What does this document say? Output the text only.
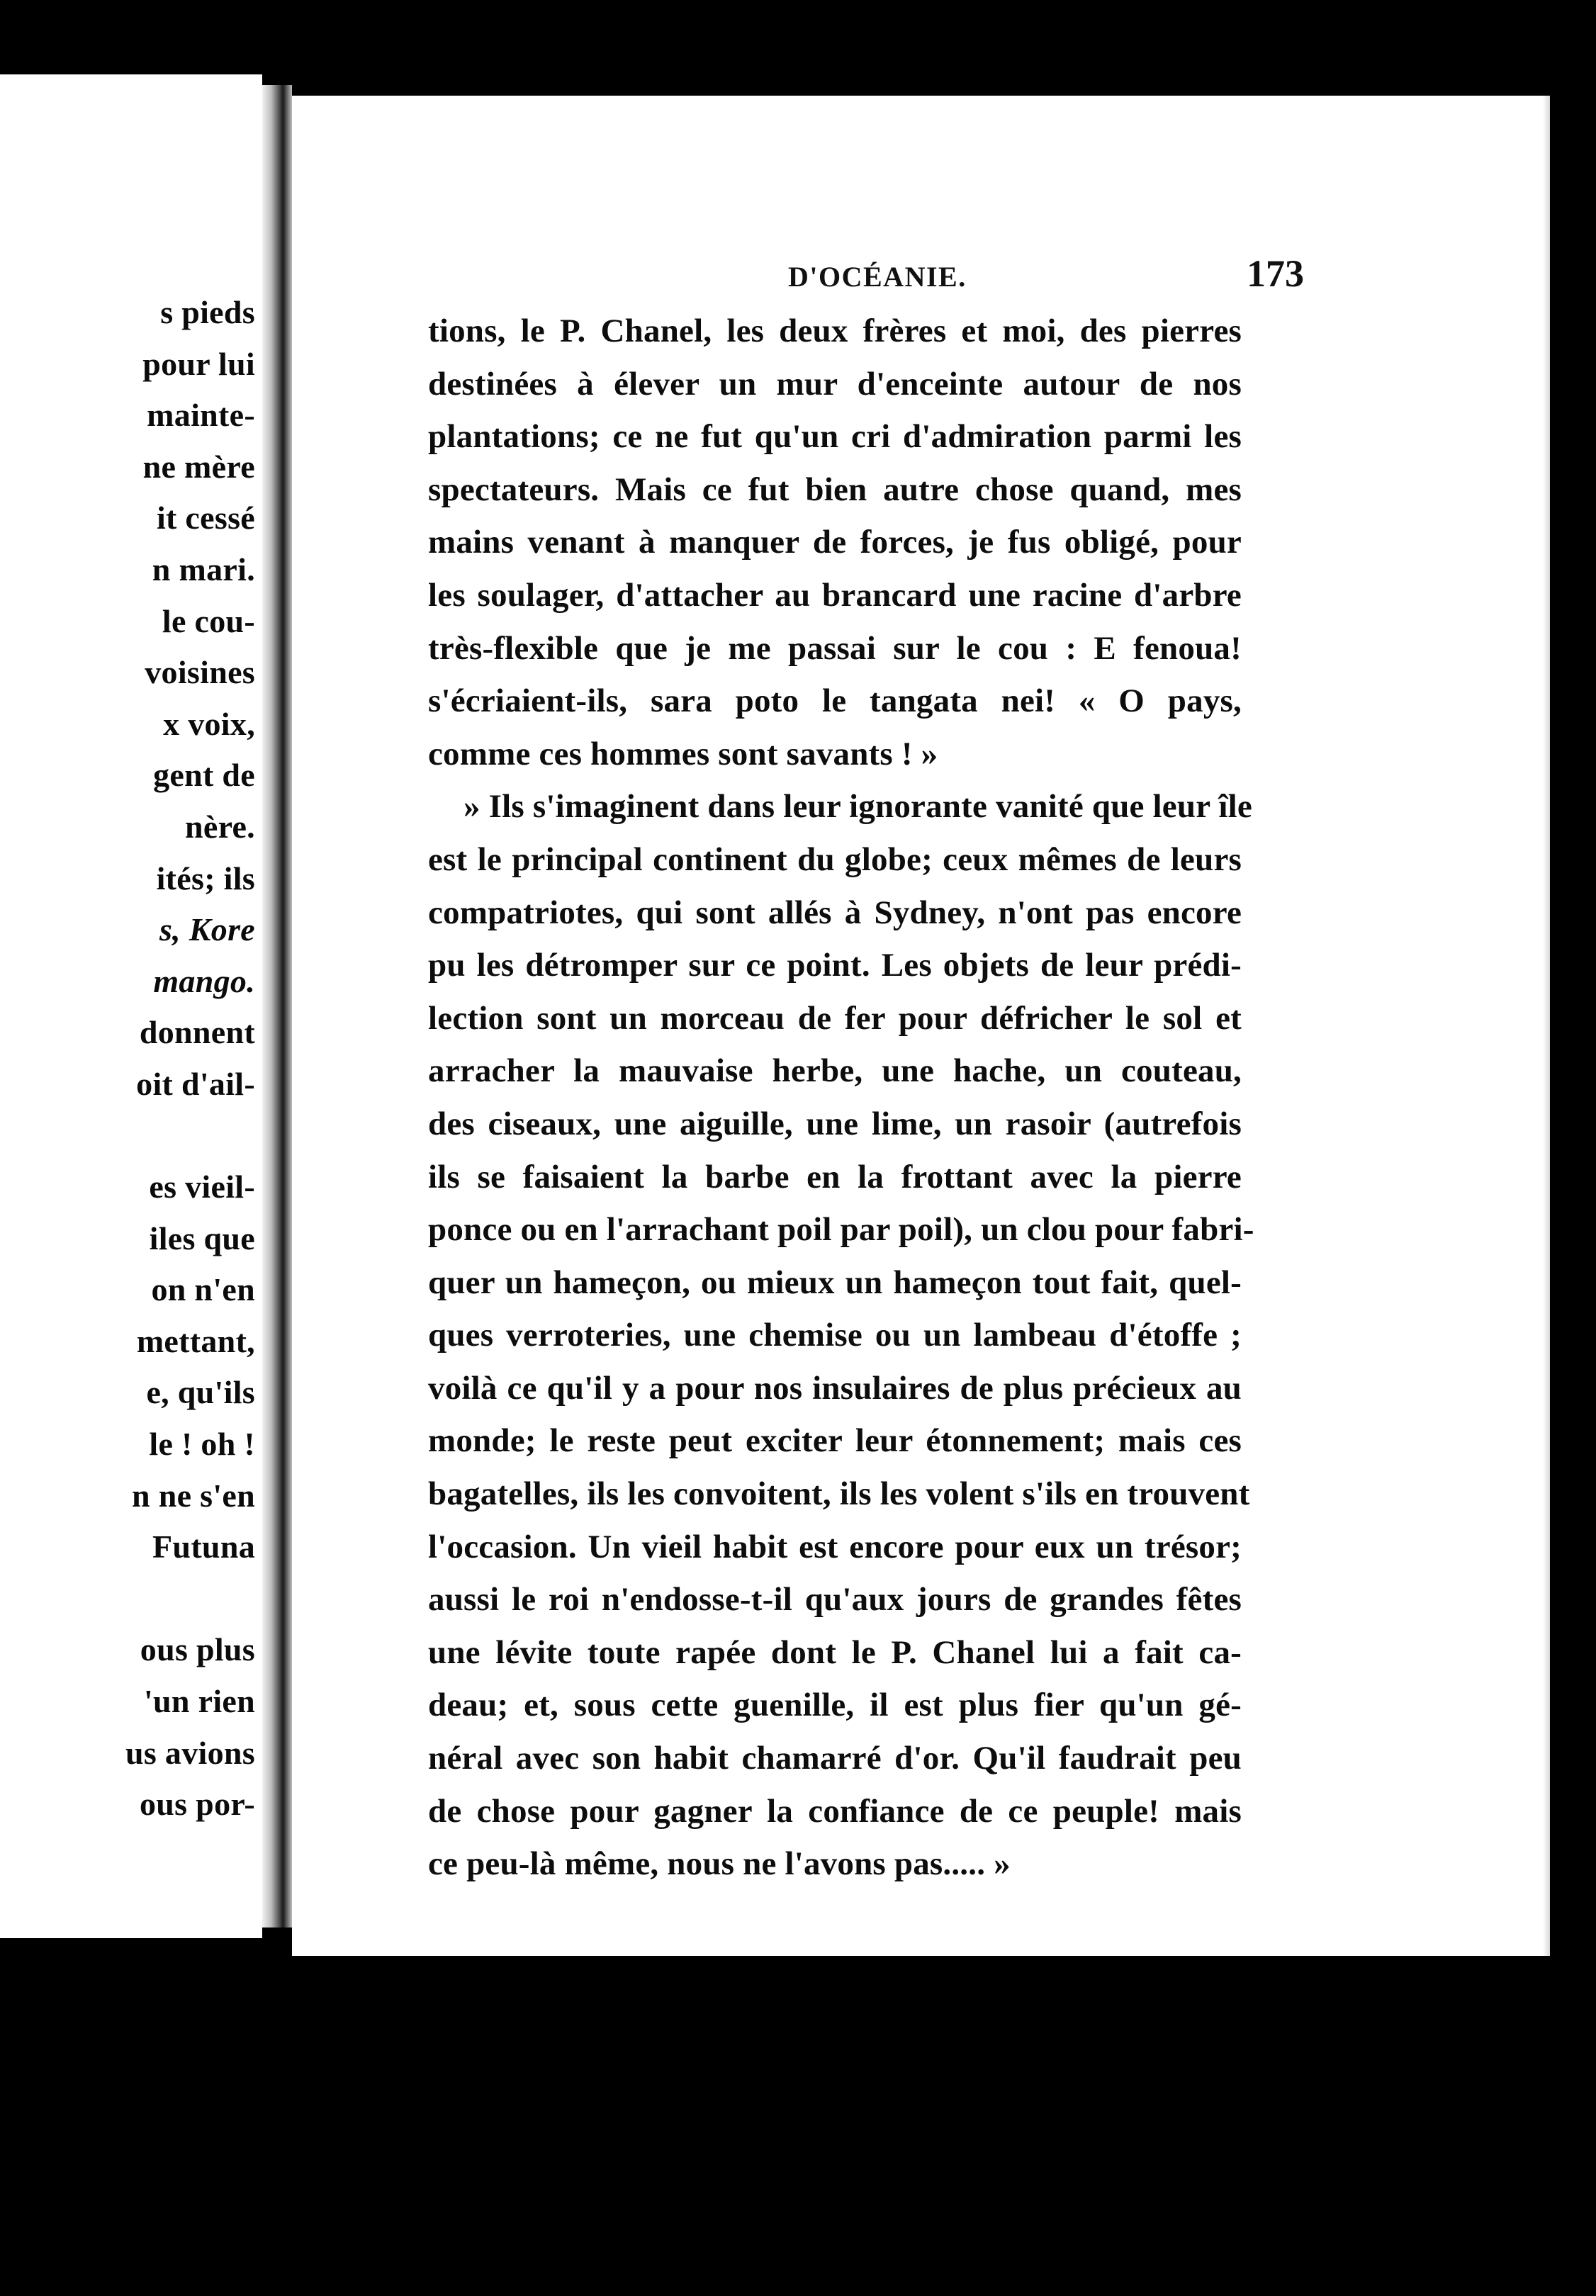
s pieds
pour lui
mainte-
ne mère
it cessé
n mari.
le cou-
voisines
x voix,
gent de
nère.
ités; ils
s, Kore
mango.
donnent
oit d'ail-
es vieil-
iles que
on n'en
mettant,
e, qu'ils
le ! oh !
n ne s'en
Futuna
ous plus
'un rien
us avions
ous por-
D'OCÉANIE.	173
tions, le P. Chanel, les deux frères et moi, des pierres
destinées à élever un mur d'enceinte autour de nos
plantations; ce ne fut qu'un cri d'admiration parmi les
spectateurs. Mais ce fut bien autre chose quand, mes
mains venant à manquer de forces, je fus obligé, pour
les soulager, d'attacher au brancard une racine d'arbre
très-flexible que je me passai sur le cou : E fenoua!
s'écriaient-ils, sara poto le tangata nei! « O pays,
comme ces hommes sont savants ! »
» Ils s'imaginent dans leur ignorante vanité que leur île
est le principal continent du globe; ceux mêmes de leurs
compatriotes, qui sont allés à Sydney, n'ont pas encore
pu les détromper sur ce point. Les objets de leur prédi-
lection sont un morceau de fer pour défricher le sol et
arracher la mauvaise herbe, une hache, un couteau,
des ciseaux, une aiguille, une lime, un rasoir (autrefois
ils se faisaient la barbe en la frottant avec la pierre
ponce ou en l'arrachant poil par poil), un clou pour fabri-
quer un hameçon, ou mieux un hameçon tout fait, quel-
ques verroteries, une chemise ou un lambeau d'étoffe ;
voilà ce qu'il y a pour nos insulaires de plus précieux au
monde; le reste peut exciter leur étonnement; mais ces
bagatelles, ils les convoitent, ils les volent s'ils en trouvent
l'occasion. Un vieil habit est encore pour eux un trésor;
aussi le roi n'endosse-t-il qu'aux jours de grandes fêtes
une lévite toute rapée dont le P. Chanel lui a fait ca-
deau; et, sous cette guenille, il est plus fier qu'un gé-
néral avec son habit chamarré d'or. Qu'il faudrait peu
de chose pour gagner la confiance de ce peuple! mais
ce peu-là même, nous ne l'avons pas..... »
